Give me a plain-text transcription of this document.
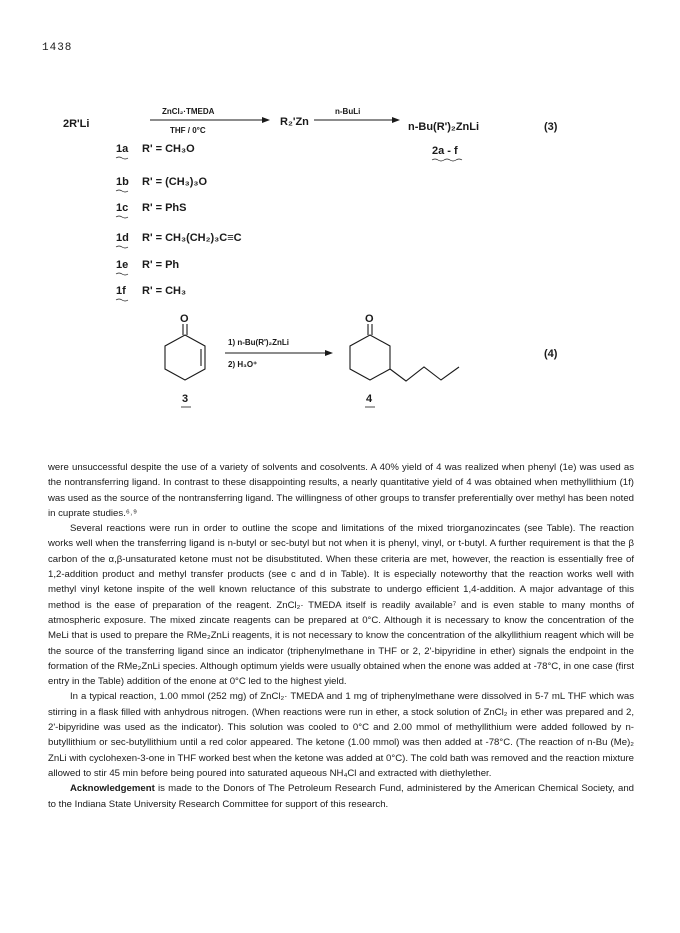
1438
2R'Li
ZnCl₂·TMEDA
THF / 0°C
R₂'Zn
n-BuLi
n-Bu(R')₂ZnLi	(3)
2a - f
1a R' = CH₃O
1b R' = (CH₃)₃O
1c R' = PhS
1d R' = CH₃(CH₂)₃C≡C
1e R' = Ph
1f R' = CH₃
O
3
1) n-Bu(R')₂ZnLi
2) H₃O⁺
O
4
(4)

were unsuccessful despite the use of a variety of solvents and cosolvents. A 40% yield of 4 was realized when phenyl (1e) was used as the nontransferring ligand. In contrast to these disappointing results, a nearly quantitative yield of 4 was obtained when methyllithium (1f) was used as the source of the nontransferring ligand. The willingness of other groups to transfer preferentially over methyl has been noted in cuprate studies.⁶˒⁹

Several reactions were run in order to outline the scope and limitations of the mixed triorganozincates (see Table). The reaction works well when the transferring ligand is n-butyl or sec-butyl but not when it is phenyl, vinyl, or t-butyl. A further requirement is that the β carbon of the α,β-unsaturated ketone must not be disubstituted. When these criteria are met, however, the reaction is essentially free of 1,2-addition product and methyl transfer products (see c and d in Table). It is especially noteworthy that the reaction works well with methyl vinyl ketone inspite of the well known reluctance of this substrate to undergo efficient 1,4-addition. A major advantage of this method is the ease of preparation of the reagent. ZnCl₂· TMEDA itself is readily available⁷ and is even stable to many months of atmospheric exposure. The mixed zincate reagents can be prepared at 0°C. Although it is necessary to know the concentration of the MeLi that is used to prepare the RMe₂ZnLi reagents, it is not necessary to know the concentration of the alkyllithium reagent which will be the source of the transferring ligand since an indicator (triphenylmethane in THF or 2, 2'-bipyridine in ether) signals the endpoint in the formation of the RMe₂ZnLi species. Although optimum yields were usually obtained when the enone was added at -78°C, in one case (first entry in the Table) addition of the enone at 0°C led to the highest yield.

In a typical reaction, 1.00 mmol (252 mg) of ZnCl₂· TMEDA and 1 mg of triphenylmethane were dissolved in 5-7 mL THF which was stirring in a flask filled with anhydrous nitrogen. (When reactions were run in ether, a stock solution of ZnCl₂ in ether was prepared and 2, 2'-bipyridine was used as the indicator). This solution was cooled to 0°C and 2.00 mmol of methyllithium were added followed by n-butyllithium or sec-butyllithium until a red color appeared. The ketone (1.00 mmol) was then added at -78°C. (The reaction of n-Bu (Me)₂ ZnLi with cyclohexen-3-one in THF worked best when the ketone was added at 0°C). The cold bath was removed and the reaction mixture allowed to stir 45 min before being poured into saturated aqueous NH₄Cl and extracted with diethylether.

Acknowledgement is made to the Donors of The Petroleum Research Fund, administered by the American Chemical Society, and to the Indiana State University Research Committee for support of this research.
